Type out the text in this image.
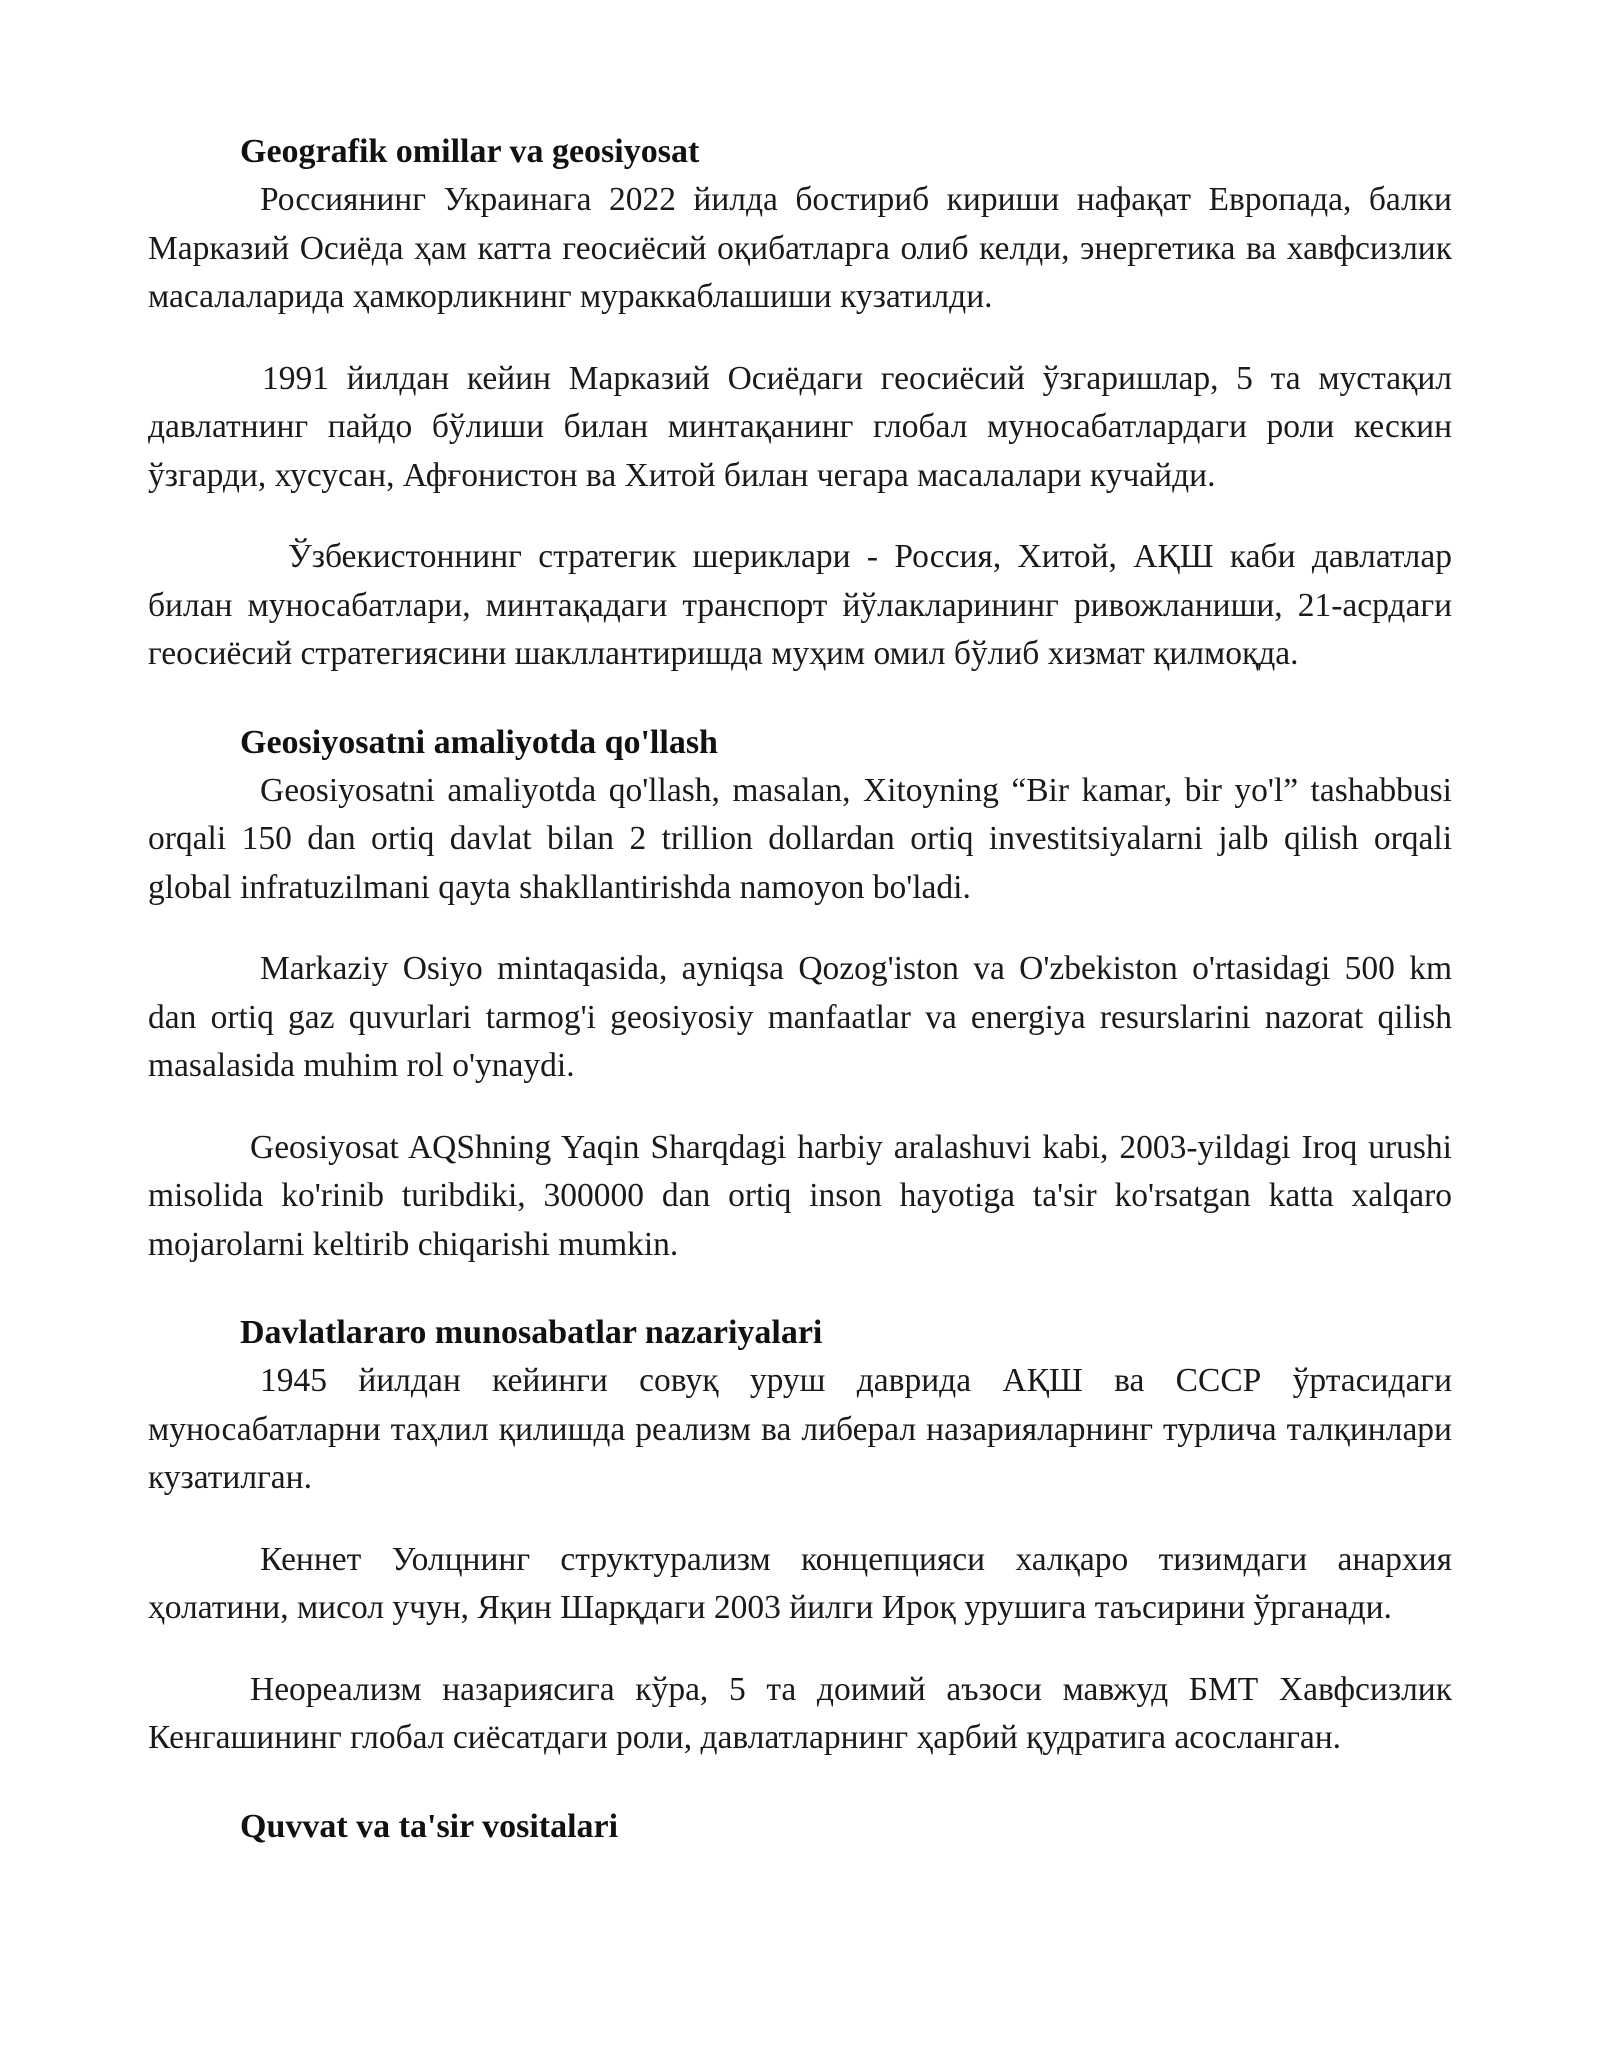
Geografik omillar va geosiyosat

Россиянинг Украинага 2022 йилда бостириб кириши нафақат Европада, балки Марказий Осиёда ҳам катта геосиёсий оқибатларга олиб келди, энергетика ва хавфсизлик масалаларида ҳамкорликнинг мураккаблашиши кузатилди.

1991 йилдан кейин Марказий Осиёдаги геосиёсий ўзгаришлар, 5 та мустақил давлатнинг пайдо бўлиши билан минтақанинг глобал муносабатлардаги роли кескин ўзгарди, хусусан, Афғонистон ва Хитой билан чегара масалалари кучайди.

Ўзбекистоннинг стратегик шериклари - Россия, Хитой, АҚШ каби давлатлар билан муносабатлари, минтақадаги транспорт йўлакларининг ривожланиши, 21-асрдаги геосиёсий стратегиясини шакллантиришда муҳим омил бўлиб хизмат қилмоқда.

Geosiyosatni amaliyotda qo'llash

Geosiyosatni amaliyotda qo'llash, masalan, Xitoyning “Bir kamar, bir yo'l” tashabbusi orqali 150 dan ortiq davlat bilan 2 trillion dollardan ortiq investitsiyalarni jalb qilish orqali global infratuzilmani qayta shakllantirishda namoyon bo'ladi.

Markaziy Osiyo mintaqasida, ayniqsa Qozog'iston va O'zbekiston o'rtasidagi 500 km dan ortiq gaz quvurlari tarmog'i geosiyosiy manfaatlar va energiya resurslarini nazorat qilish masalasida muhim rol o'ynaydi.

Geosiyosat AQShning Yaqin Sharqdagi harbiy aralashuvi kabi, 2003-yildagi Iroq urushi misolida ko'rinib turibdiki, 300000 dan ortiq inson hayotiga ta'sir ko'rsatgan katta xalqaro mojarolarni keltirib chiqarishi mumkin.

Davlatlararo munosabatlar nazariyalari

1945 йилдан кейинги совуқ уруш даврида АҚШ ва СССР ўртасидаги муносабатларни таҳлил қилишда реализм ва либерал назарияларнинг турлича талқинлари кузатилган.

Кеннет Уолцнинг структурализм концепцияси халқаро тизимдаги анархия ҳолатини, мисол учун, Яқин Шарқдаги 2003 йилги Ироқ урушига таъсирини ўрганади.

Неореализм назариясига кўра, 5 та доимий аъзоси мавжуд БМТ Хавфсизлик Кенгашининг глобал сиёсатдаги роли, давлатларнинг ҳарбий қудратига асосланган.

Quvvat va ta'sir vositalari
